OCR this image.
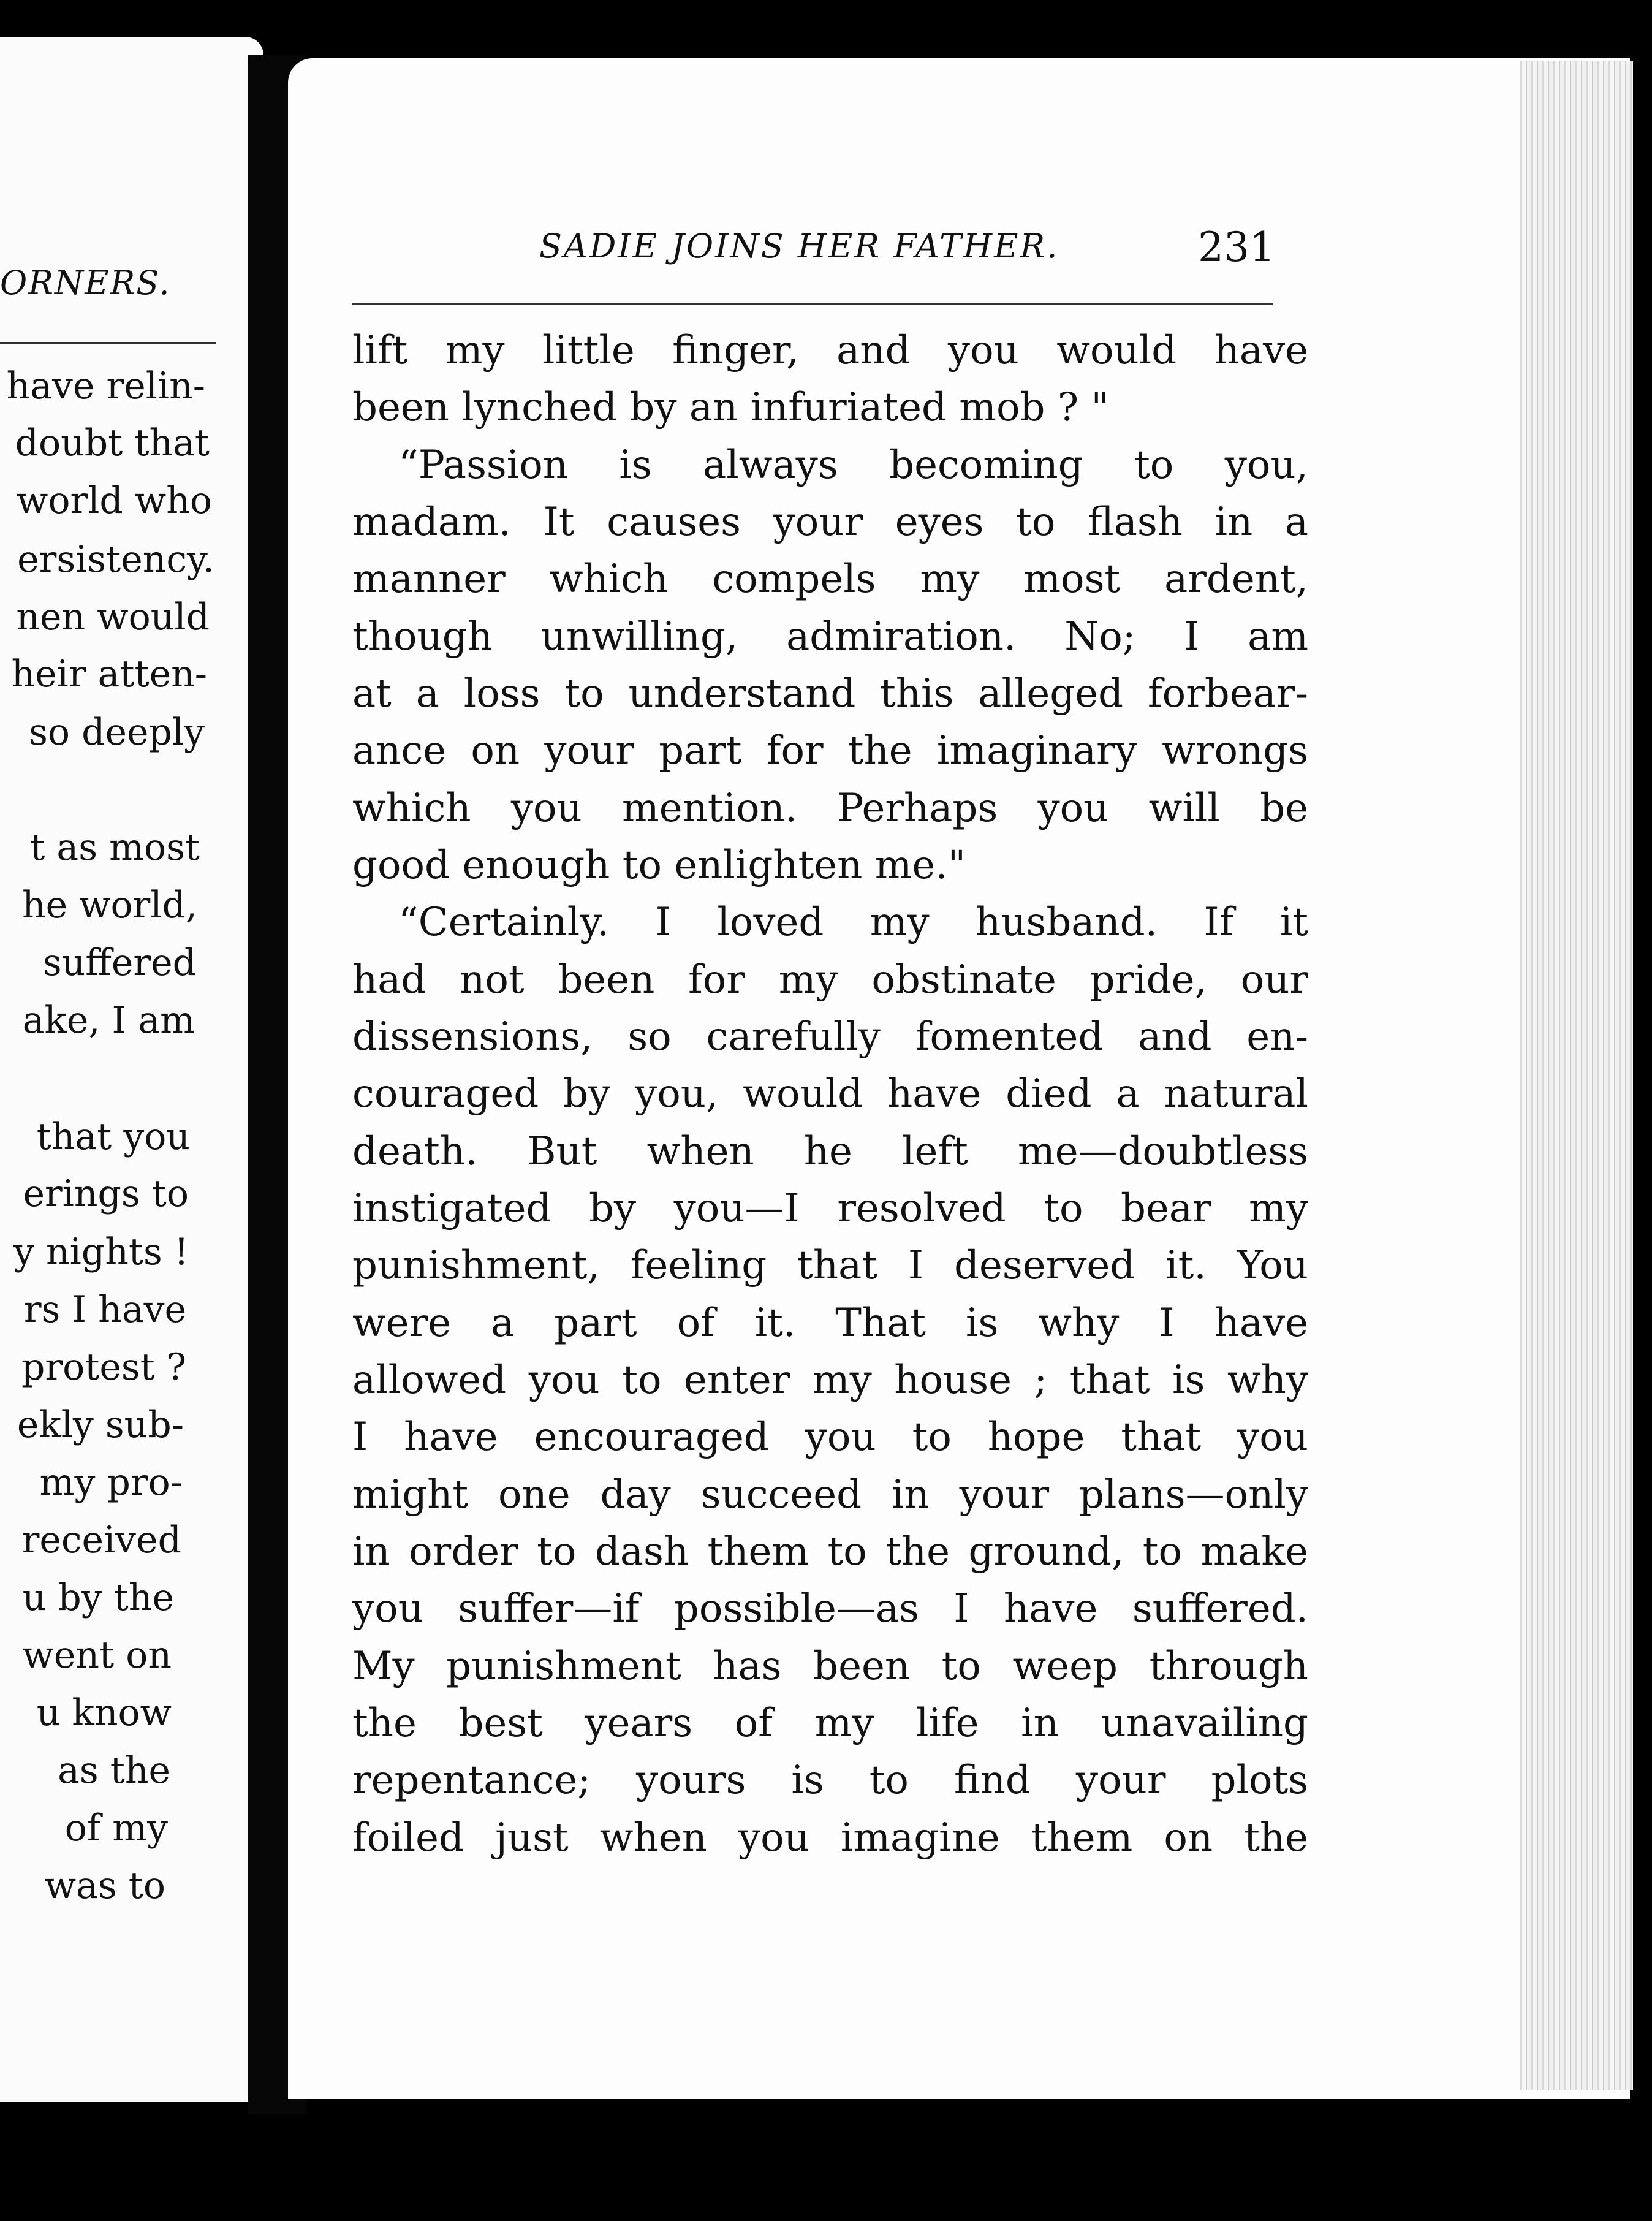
ORNERS.
have relin-
doubt that
world who
ersistency.
nen would
heir atten-
so deeply
t as most
he world,
suffered
ake, I am
that you
erings to
y nights !
rs I have
protest ?
ekly sub-
my pro-
received
u by the
went on
u know
as the
of my
was to
SADIE JOINS HER FATHER.	231
lift my little finger, and you would have
been lynched by an infuriated mob ? "
“Passion is always becoming to you,
madam. It causes your eyes to flash in a
manner which compels my most ardent,
though unwilling, admiration. No; I am
at a loss to understand this alleged forbear-
ance on your part for the imaginary wrongs
which you mention. Perhaps you will be
good enough to enlighten me."
“Certainly. I loved my husband. If it
had not been for my obstinate pride, our
dissensions, so carefully fomented and en-
couraged by you, would have died a natural
death. But when he left me—doubtless
instigated by you—I resolved to bear my
punishment, feeling that I deserved it. You
were a part of it. That is why I have
allowed you to enter my house ; that is why
I have encouraged you to hope that you
might one day succeed in your plans—only
in order to dash them to the ground, to make
you suffer—if possible—as I have suffered.
My punishment has been to weep through
the best years of my life in unavailing
repentance; yours is to find your plots
foiled just when you imagine them on the
